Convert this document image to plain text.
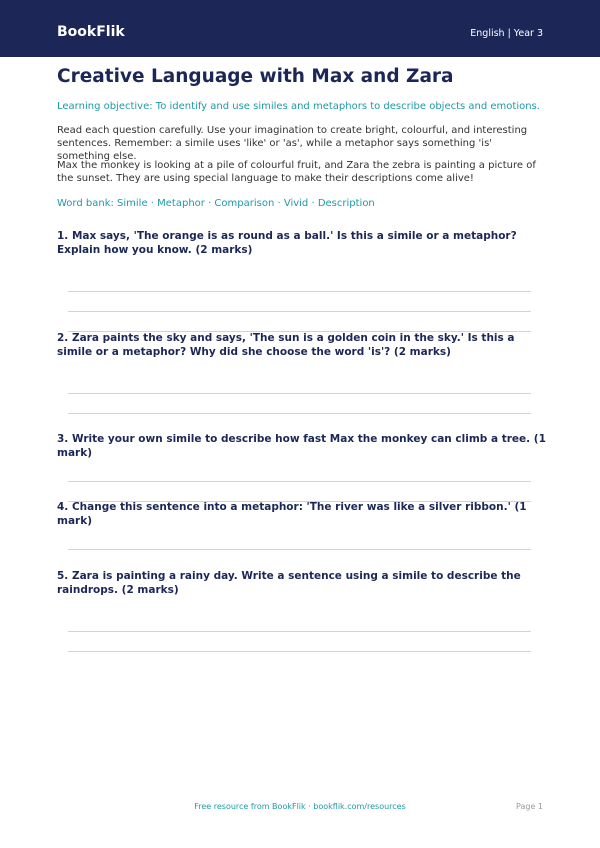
BookFlik	English | Year 3
Creative Language with Max and Zara

Learning objective: To identify and use similes and metaphors to describe objects and emotions.

Read each question carefully. Use your imagination to create bright, colourful, and interesting sentences. Remember: a simile uses 'like' or 'as', while a metaphor says something 'is' something else.

Max the monkey is looking at a pile of colourful fruit, and Zara the zebra is painting a picture of the sunset. They are using special language to make their descriptions come alive!

Word bank: Simile · Metaphor · Comparison · Vivid · Description

1. Max says, 'The orange is as round as a ball.' Is this a simile or a metaphor? Explain how you know. (2 marks)

2. Zara paints the sky and says, 'The sun is a golden coin in the sky.' Is this a simile or a metaphor? Why did she choose the word 'is'? (2 marks)

3. Write your own simile to describe how fast Max the monkey can climb a tree. (1 mark)

4. Change this sentence into a metaphor: 'The river was like a silver ribbon.' (1 mark)

5. Zara is painting a rainy day. Write a sentence using a simile to describe the raindrops. (2 marks)

Free resource from BookFlik · bookflik.com/resources	Page 1
